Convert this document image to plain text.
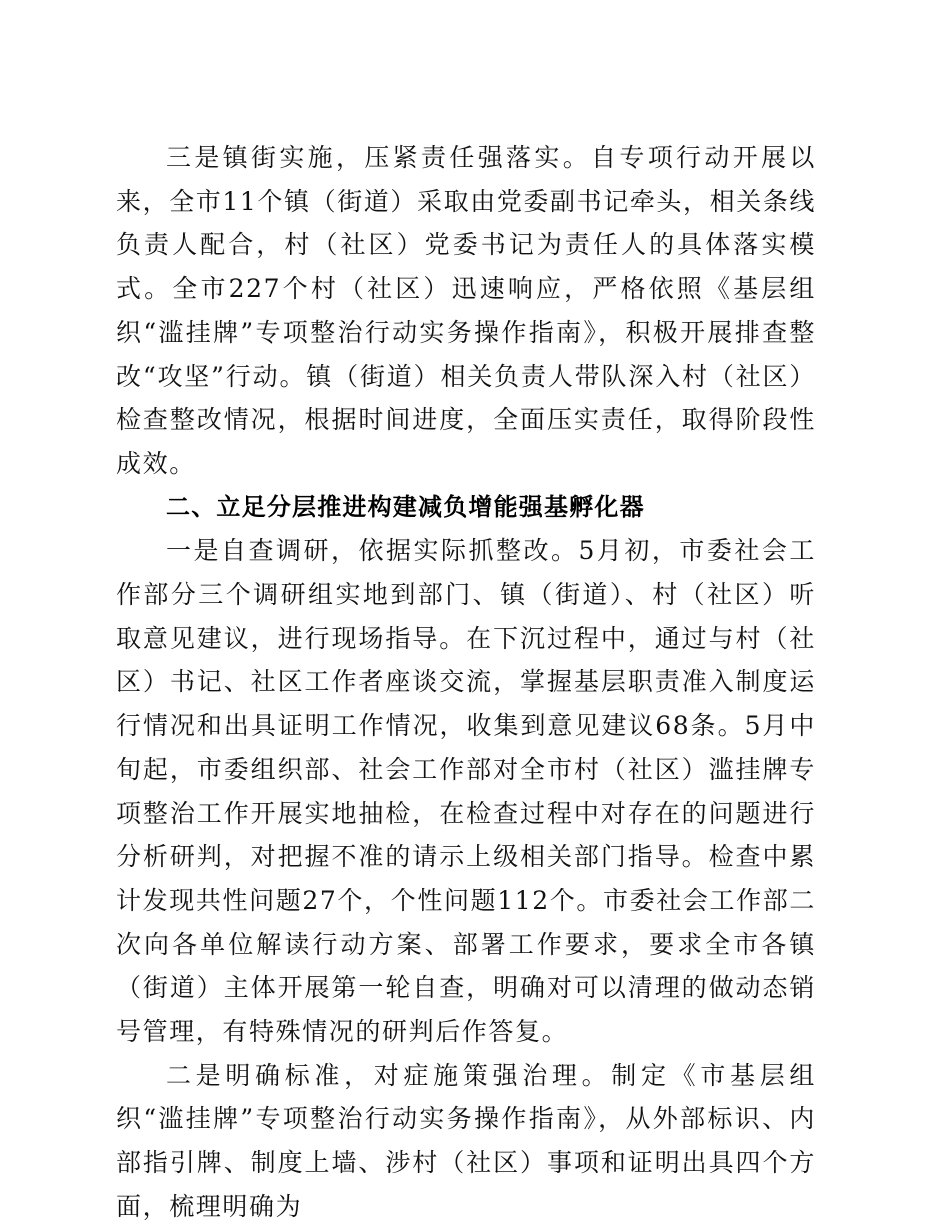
三是镇街实施，压紧责任强落实。自专项行动开展以来，全市11个镇（街道）采取由党委副书记牵头，相关条线负责人配合，村（社区）党委书记为责任人的具体落实模式。全市227个村（社区）迅速响应，严格依照《基层组织“滥挂牌”专项整治行动实务操作指南》，积极开展排查整改“攻坚”行动。镇（街道）相关负责人带队深入村（社区）检查整改情况，根据时间进度，全面压实责任，取得阶段性成效。

二、立足分层推进构建减负增能强基孵化器

一是自查调研，依据实际抓整改。5月初，市委社会工作部分三个调研组实地到部门、镇（街道）、村（社区）听取意见建议，进行现场指导。在下沉过程中，通过与村（社区）书记、社区工作者座谈交流，掌握基层职责准入制度运行情况和出具证明工作情况，收集到意见建议68条。5月中旬起，市委组织部、社会工作部对全市村（社区）滥挂牌专项整治工作开展实地抽检，在检查过程中对存在的问题进行分析研判，对把握不准的请示上级相关部门指导。检查中累计发现共性问题27个，个性问题112个。市委社会工作部二次向各单位解读行动方案、部署工作要求，要求全市各镇（街道）主体开展第一轮自查，明确对可以清理的做动态销号管理，有特殊情况的研判后作答复。

二是明确标准，对症施策强治理。制定《市基层组织“滥挂牌”专项整治行动实务操作指南》，从外部标识、内部指引牌、制度上墙、涉村（社区）事项和证明出具四个方面，梳理明确为
